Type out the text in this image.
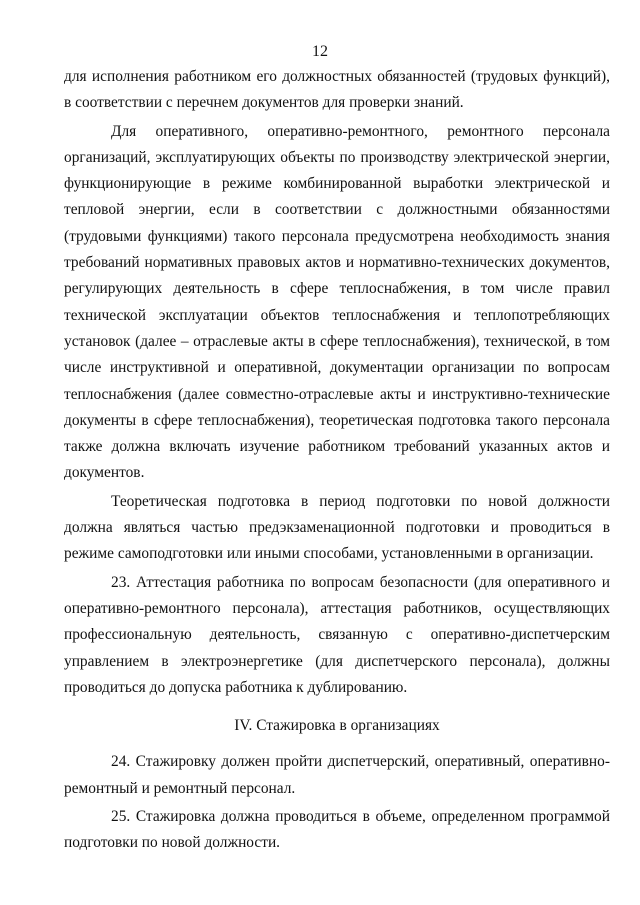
12

для исполнения работником его должностных обязанностей (трудовых функций), в соответствии с перечнем документов для проверки знаний.

Для оперативного, оперативно-ремонтного, ремонтного персонала организаций, эксплуатирующих объекты по производству электрической энергии, функционирующие в режиме комбинированной выработки электрической и тепловой энергии, если в соответствии с должностными обязанностями (трудовыми функциями) такого персонала предусмотрена необходимость знания требований нормативных правовых актов и нормативно-технических документов, регулирующих деятельность в сфере теплоснабжения, в том числе правил технической эксплуатации объектов теплоснабжения и теплопотребляющих установок (далее – отраслевые акты в сфере теплоснабжения), технической, в том числе инструктивной и оперативной, документации организации по вопросам теплоснабжения (далее совместно-отраслевые акты и инструктивно-технические документы в сфере теплоснабжения), теоретическая подготовка такого персонала также должна включать изучение работником требований указанных актов и документов.

Теоретическая подготовка в период подготовки по новой должности должна являться частью предэкзаменационной подготовки и проводиться в режиме самоподготовки или иными способами, установленными в организации.

23. Аттестация работника по вопросам безопасности (для оперативного и оперативно-ремонтного персонала), аттестация работников, осуществляющих профессиональную деятельность, связанную с оперативно-диспетчерским управлением в электроэнергетике (для диспетчерского персонала), должны проводиться до допуска работника к дублированию.

IV. Стажировка в организациях

24. Стажировку должен пройти диспетчерский, оперативный, оперативно-ремонтный и ремонтный персонал.

25. Стажировка должна проводиться в объеме, определенном программой подготовки по новой должности.
